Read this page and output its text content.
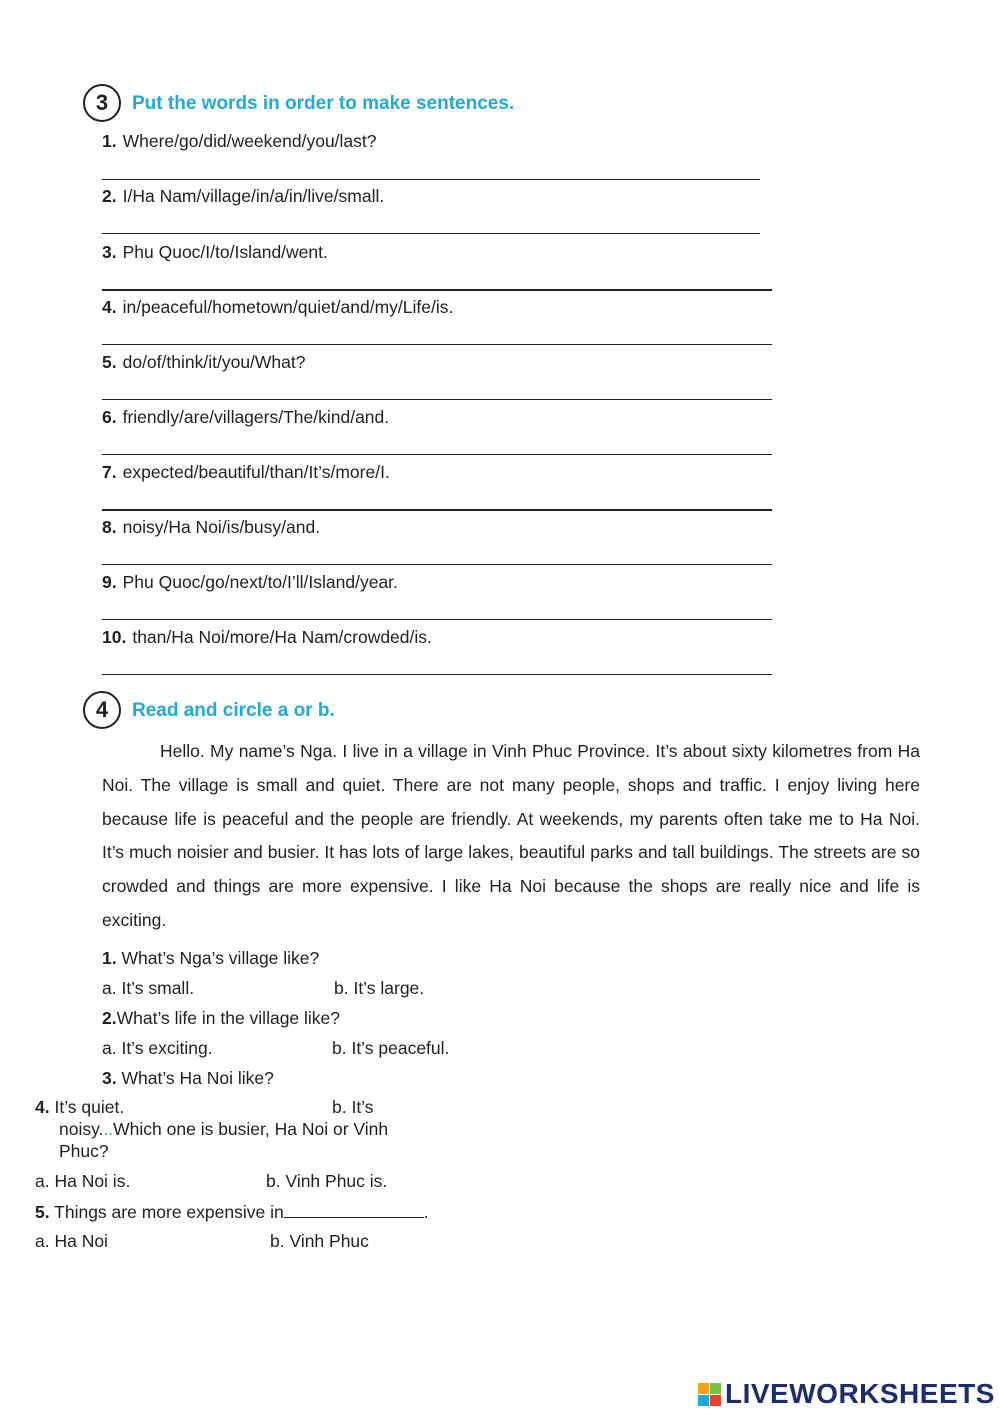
3	Put the words in order to make sentences.
1. Where/go/did/weekend/you/last?
2. I/Ha Nam/village/in/a/in/live/small.
3. Phu Quoc/I/to/Island/went.
4. in/peaceful/hometown/quiet/and/my/Life/is.
5. do/of/think/it/you/What?
6. friendly/are/villagers/The/kind/and.
7. expected/beautiful/than/It’s/more/I.
8. noisy/Ha Noi/is/busy/and.
9. Phu Quoc/go/next/to/I’ll/Island/year.
10. than/Ha Noi/more/Ha Nam/crowded/is.
4	Read and circle a or b.
Hello. My name’s Nga. I live in a village in Vinh Phuc Province. It’s about sixty kilometres from Ha Noi. The village is small and quiet. There are not many people, shops and traffic. I enjoy living here because life is peaceful and the people are friendly. At weekends, my parents often take me to Ha Noi. It’s much noisier and busier. It has lots of large lakes, beautiful parks and tall buildings. The streets are so crowded and things are more expensive. I like Ha Noi because the shops are really nice and life is exciting.
1. What’s Nga’s village like?
a. It’s small.	b. It’s large.
2.What’s life in the village like?
a. It’s exciting.	b. It’s peaceful.
3. What’s Ha Noi like?
4. It’s quiet.	b. It’s
noisy...Which one is busier, Ha Noi or Vinh
Phuc?
a. Ha Noi is.	b. Vinh Phuc is.
5. Things are more expensive in	.
a. Ha Noi	b. Vinh Phuc
LIVEWORKSHEETS
